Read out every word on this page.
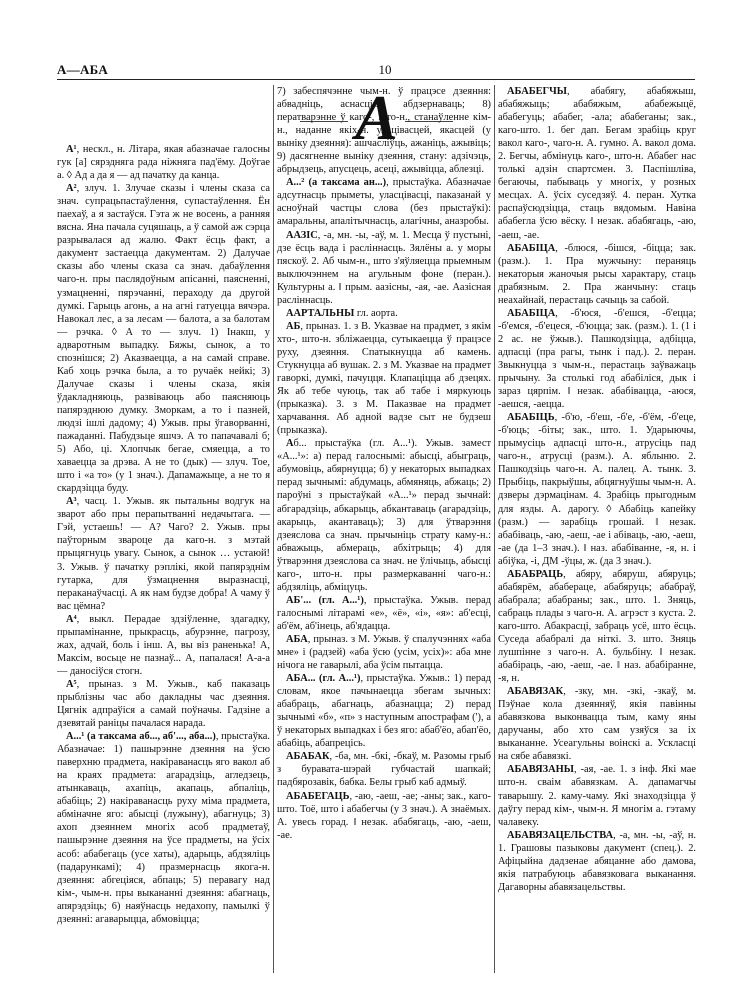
А—АБА	10
А

А¹, нескл., н. Літара, якая абазначае галосны гук [а] сярэдняга рада ніжняга пад'ёму. Доўгае а. ◊ Ад а да я — ад пачатку да канца.

А², злуч. 1. Злучае сказы і члены сказа са знач. супрацьпастаўлення, супастаўлення. Ён паехаў, а я застаўся. Гэта ж не восень, а ранняя вясна. Яна пачала суцяшаць, а ў самой аж сэрца разрывалася ад жалю. Факт ёсць факт, а дакумент застаецца дакументам. 2) Далучае сказы або члены сказа са знач. дабаўлення чаго-н. пры паслядоўным апісанні, паясненні, узмацненні, пярэчанні, пераходу да другой думкі. Гарыць агонь, а на агні гатуецца вячэра. Навокал лес, а за лесам — балота, а за балотам — рэчка. ◊ А то — злуч. 1) Інакш, у адваротным выпадку. Бяжы, сынок, а то спознішся; 2) Аказваецца, а на самай справе. Каб хоць рэчка была, а то ручаёк нейкі; 3) Далучае сказы і члены сказа, якія ўдакладняюць, развіваюць або паясняюць папярэднюю думку. Зморкам, а то і пазней, людзі ішлі дадому; 4) Ужыв. пры ўгаворванні, пажаданні. Пабудзьце яшчэ. А то папачавалі б; 5) Або, ці. Хлопчык бегае, смяецца, а то хаваецца за дрэва. А не то (дык) — злуч. Тое, што і «а то» (у 1 знач.). Дапамажыце, а не то я скардзіцца буду.

А³, часц. 1. Ужыв. як пытальны водгук на зварот або пры перапытванні недачытага. — Гэй, устаешь! — А? Чаго? 2. Ужыв. пры паўторным звароце да каго-н. з мэтай прыцягнуць увагу. Сынок, а сынок … устаюй! 3. Ужыв. ў пачатку рэплікі, якой папярэднім гутарка, для ўзмацнення выразнасці, пераканаўчасці. А як нам будзе добра! А чаму ў вас цёмна?

А⁴, выкл. Перадае здзіўленне, здагадку, прыпамінанне, прыкрасць, абурэнне, пагрозу, жах, адчай, боль і інш. А, вы віз раненька! А, Максім, восьце не пазнаў... А, папалася! А-а-а — даносіўся стогн.

А⁵, прыназ. з М. Ужыв., каб паказаць прыблізны час або дакладны час дзеяння. Цягнік адпраўіся а самай поўначы. Гадзіне а дзевятай раніцы пачалася нарада.

А...¹ (а таксама аб..., аб'..., аба...), прыстаўка. Абазначае: 1) пашырэнне дзеяння на ўсю паверхню прадмета, накіраванасць яго вакол аб на краях прадмета: агарадзіць, агледзець, атынкаваць, ахапіць, акапаць, абпаліць, абабіць; 2) накіраванасць руху міма прадмета, абміначне яго: абысці (лужыну), абагнуць; 3) ахоп дзеяннем многіх асоб прадметаў, пашырэнне дзеяння на ўсе прадметы, на ўсіх асоб: абабегаць (усе хаты), адарыць, абдзяліць (падарункамі); 4) празмернасць якога-н. дзеяння: абгеціяся, абпаць; 5) перавагу над кім-, чым-н. пры выкананні дзеяння: абагнаць, апярэдзіць; 6) наяўнасць недахопу, памылкі ў дзеянні: агаварыцца, абмовіцца;

7) забеспячэнне чым-н. ў працэсе дзеяння: абвадніць, аснасціць, абдзернаваць; 8) ператварэнне ў каго-, што-н., станаўленне кім-н., наданне якіх-н. улацівасцей, якасцей (у выніку дзеяння): ашчасліўць, ажаніць, ажывіць; 9) дасягненне выніку дзеяння, стану: адзічэць, абрыдзець, апусцець, асеці, ажывіцца, аблезці.

А...² (а таксама ан...), прыстаўка. Абазначае адсутнасць прыметы, уласцівасці, паказанай у асноўнай частцы слова (без прыстаўкі): амаральны, апалітычнасць, алагічны, аназробы.

ААЗІС, -а, мн. -ы, -аў, м. 1. Месца ў пустыні, дзе ёсць вада і расліннасць. Зялёны а. у моры пяскоў. 2. Аб чым-н., што з'яўляецца прыемным выключэннем на агульным фоне (перан.). Культурны а. ‖ прым. аазісны, -ая, -ае. Аазісная расліннасць.

ААРТАЛЬНЫ гл. аорта.

АБ, прыназ. 1. з В. Указвае на прадмет, з якім хто-, што-н. збліжаецца, сутыкаецца ў працэсе руху, дзеяння. Спатыкнуцца аб камень. Стукнуцца аб вушак. 2. з М. Указвае на прадмет гаворкі, думкі, пачуцця. Клапаціцца аб дзецях. Як аб тебе чуюць, так аб табе і мяркуюць (прыказка). 3. з М. Паказвае на прадмет харчавання. Аб адной вадзе сыт не будзеш (прыказка).

Аб... прыстаўка (гл. А...¹). Ужыв. замест «А...¹»: а) перад галоснымі: абысці, абыграць, абумовіць, абярнуцца; б) у некаторых выпадках перад зычнымі: абдумаць, абмяняць, абжаць; 2) пароўні з прыстаўкай «А...¹» перад зычнай: абгарадзіць, абкарыць, абкантаваць (агарадзіць, акарыць, акантаваць); 3) для ўтварэння дзеяслова са знач. прычыніць страту каму-н.: абважыць, абмераць, абхітрыць; 4) для ўтварэння дзеяслова са знач. не ўлічыць, абысці каго-, што-н. пры размеркаванні чаго-н.: абдзяліць, абміцуць.

АБ'... (гл. А...¹), прыстаўка. Ужыв. перад галоснымі літарамі «е», «ё», «і», «я»: аб'есці, аб'ём, аб'інець, аб'ядацца.

АБА, прыназ. з М. Ужыв. ў спалучэннях «аба мне» і (радзей) «аба ўсю (усім, усіх)»: аба мне нічога не гаварылі, аба ўсім пытацца.

АБА... (гл. А...¹), прыстаўка. Ужыв.: 1) перад словам, якое пачынаецца збегам зычных: абабраць, абагнаць, абазнацца; 2) перад зычнымі «б», «п» з наступным апострафам ('), а ў некаторых выпадках і без яго: абаб'ёо, абап'ёо, абабіць, абапрецісь.

АБАБАК, -ба, мн. -бкі, -бкаў, м. Разомы грыб з буравата-шэрай губчастай шапкай; падбярозавік, бабка. Белы грыб каб адмыў.

АБАБЕГАЦЬ, -аю, -аеш, -ае; -аны; зак., каго-што. Тоё, што і абабегчы (у 3 знач.). А знаёмых. А. увесь горад. ‖ незак. абабягаць, -аю, -аеш, -ае.

АБАБЕГЧЫ, абабягу, абабяжыш, абабяжыць; абабяжым, абабежыцё, абабегуць; абабег, -ала; абабеганы; зак., каго-што. 1. бег дап. Бегам зрабіць круг вакол каго-, чаго-н. А. гумно. А. вакол дома. 2. Бегчы, абмінуць каго-, што-н. Абабег нас толькі адзін спартсмен. 3. Паспішліва, бегаючы, пабываць у многіх, у розных месцах. А. ўсіх суседзяў. 4. перан. Хутка распаўсюдзіцца, стаць вядомым. Навіна абабегла ўсю вёску. ‖ незак. абабягаць, -аю, -аеш, -ае.

АБАБІЦА, -блюся, -бішся, -біцца; зак. (разм.). 1. Пра мужчыну: пераняць некаторыя жаночыя рысы характару, стаць драбязным. 2. Пра жанчыну: стаць неахайнай, перастаць сачыць за сабой.

АБАБІЦА, -б'юся, -б'ешся, -б'ецца; -б'емся, -б'ецеся, -б'юцца; зак. (разм.). 1. (1 і 2 ас. не ўжыв.). Пашкодзіцца, адбіцца, адпасці (пра рагы, тынк і пад.). 2. перан. Звыкнуцца з чым-н., перастаць заўважаць прычыну. За столькі год абабіліся, дык і зараз цярпім. ‖ незак. абабівацца, -аюся, -аешся, -аецца.

АБАБІЦЬ, -б'ю, -б'еш, -б'е, -б'ём, -б'еце, -б'юць; -біты; зак., што. 1. Ударыючы, прымусіць адпасці што-н., атрусіць пад чаго-н., атрусці (разм.). А. яблыню. 2. Пашкодзіць чаго-н. А. палец. А. тынк. 3. Прыбіць, пакрыўшы, абцягнуўшы чым-н. А. дзверы дэрмацінам. 4. Зрабіць прыгодным для язды. А. дарогу. ◊ Абабіць капейку (разм.) — зарабіць грошай. ‖ незак. абабіваць, -аю, -аеш, -ае і абіваць, -аю, -аеш, -ае (да 1–3 знач.). ‖ наз. абабіванне, -я, н. і абіўка, -і, ДМ -ўцы, ж. (да 3 знач.).

АБАБРАЦЬ, абяру, абяруш, абяруць; абабярём, абабераце, абабяруць; абабраў, абабрала; абабраны; зак., што. 1. Зняць, сабраць плады з чаго-н. А. агрэст з куста. 2. каго-што. Абакрасці, забраць усё, што ёсць. Суседа абабралі да ніткі. 3. што. Зняць лушпінне з чаго-н. А. бульбіну. ‖ незак. абабіраць, -аю, -аеш, -ае. ‖ наз. абабіранне, -я, н.

АБАВЯЗАК, -зку, мн. -зкі, -зкаў, м. Пэўнае кола дзеянняў, якія павінны абавязкова выконвацца тым, каму яны даручаны, або хто сам узяўся за іх выкананне. Усеагульны воінскі а. Ускласці на сябе абавязкі.

АБАВЯЗАНЫ, -ая, -ае. 1. з інф. Які мае што-н. сваім абавязкам. А. дапамагчы таварышу. 2. каму-чаму. Які знаходзіцца ў даўгу перад кім-, чым-н. Я многім а. гэтаму чалавеку.

АБАВЯЗАЦЕЛЬСТВА, -а, мн. -ы, -аў, н. 1. Грашовы пазыковы дакумент (спец.). 2. Афіцыйна дадзенае абяцанне або дамова, якія патрабуюць абавязковага выканання. Дагаворны абавязацельствы.
